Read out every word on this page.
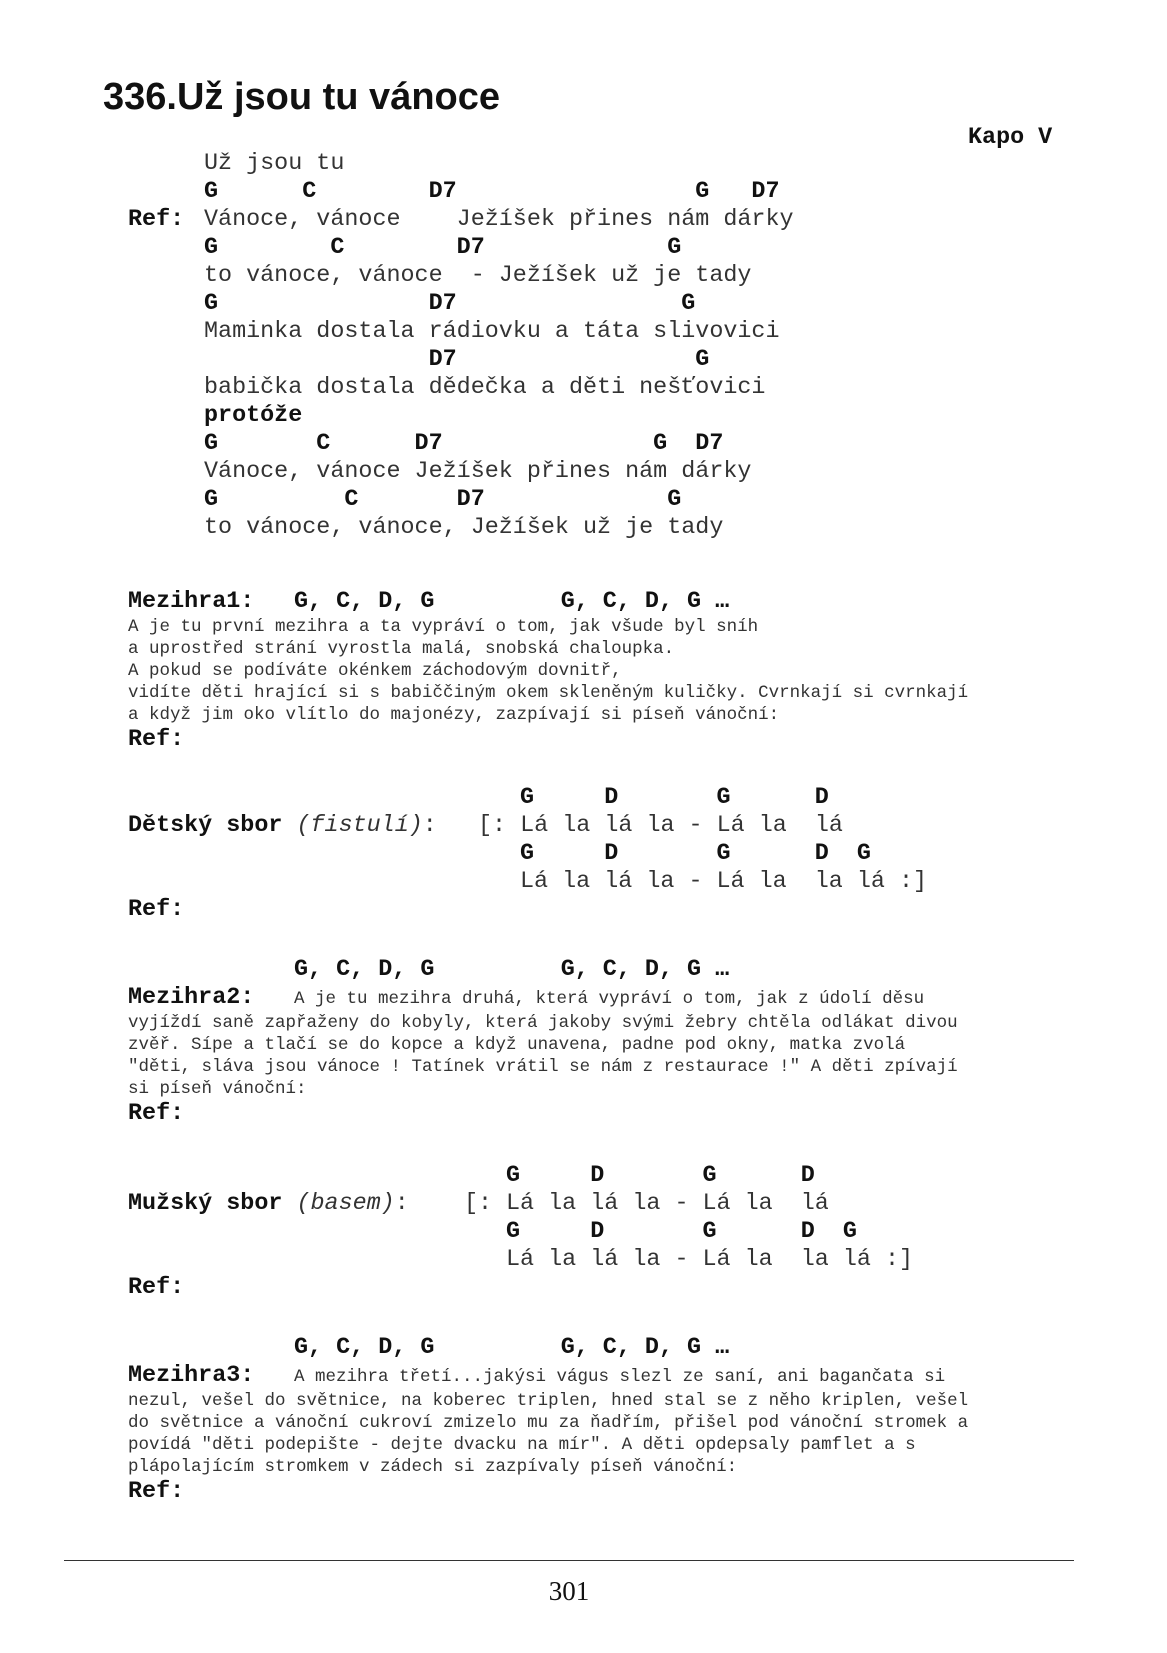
336.Už jsou tu vánoce
Kapo V
Už jsou tu
G      C        D7                 G   D7
Ref: Vánoce, vánoce    Ježíšek přines nám dárky
G        C        D7             G
to vánoce, vánoce  - Ježíšek už je tady
G               D7                G
Maminka dostala rádiovku a táta slivovici
D7                 G
babička dostala dědečka a děti nešťovici
protóže
G       C      D7               G  D7
Vánoce, vánoce Ježíšek přines nám dárky
G         C       D7             G
to vánoce, vánoce, Ježíšek už je tady
Mezihra1: G, C, D, G         G, C, D, G …
A je tu první mezihra a ta vypráví o tom, jak všude byl sníh
a uprostřed strání vyrostla malá, snobská chaloupka.
A pokud se podíváte okénkem záchodovým dovnitř,
vidíte děti hrající si s babiččiným okem skleněným kuličky. Cvrnkají si cvrnkají
a když jim oko vlítlo do majonézy, zazpívají si píseň vánoční:
Ref:
G     D       G      D
Dětský sbor (fistulí): [: Lá la lá la - Lá la  lá
G     D       G      D  G
Lá la lá la - Lá la  la lá :]
Ref:
G, C, D, G         G, C, D, G …
Mezihra2: A je tu mezihra druhá, která vypráví o tom, jak z údolí děsu
vyjíždí saně zapřaženy do kobyly, která jakoby svými žebry chtěla odlákat divou
zvěř. Sípe a tlačí se do kopce a když unavena, padne pod okny, matka zvolá
"děti, sláva jsou vánoce ! Tatínek vrátil se nám z restaurace !" A děti zpívají
si píseň vánoční:
Ref:
G     D       G      D
Mužský sbor (basem): [: Lá la lá la - Lá la  lá
G     D       G      D  G
Lá la lá la - Lá la  la lá :]
Ref:
G, C, D, G         G, C, D, G …
Mezihra3: A mezihra třetí...jakýsi vágus slezl ze saní, ani bagančata si
nezul, vešel do světnice, na koberec triplen, hned stal se z něho kriplen, vešel
do světnice a vánoční cukroví zmizelo mu za ňadřím, přišel pod vánoční stromek a
povídá "děti podepište - dejte dvacku na mír". A děti opdepsaly pamflet a s
plápolajícím stromkem v zádech si zazpívaly píseň vánoční:
Ref:
301
